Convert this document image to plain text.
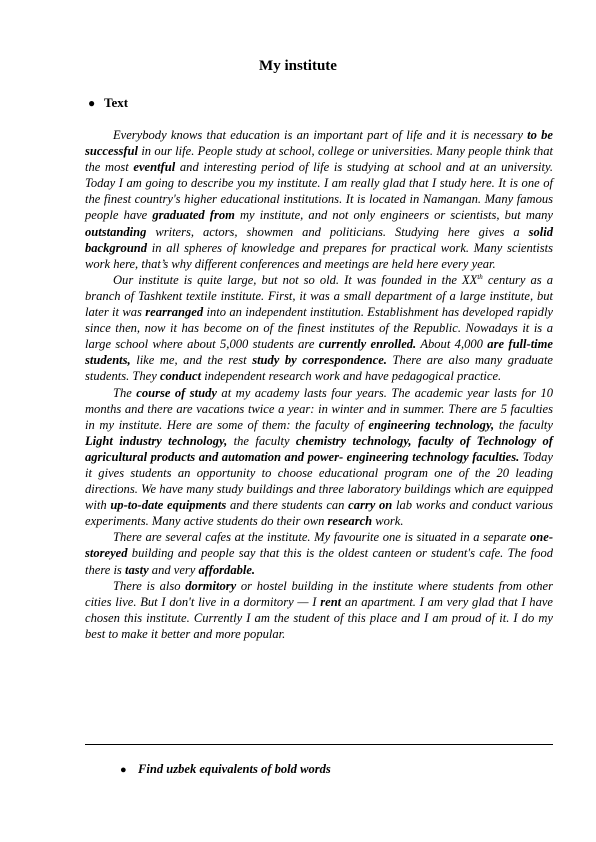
My institute
● Text

Everybody knows that education is an important part of life and it is necessary to be successful in our life. People study at school, college or universities. Many people think that the most eventful and interesting period of life is studying at school and at an university. Today I am going to describe you my institute. I am really glad that I study here. It is one of the finest country's higher educational institutions. It is located in Namangan. Many famous people have graduated from my institute, and not only engineers or scientists, but many outstanding writers, actors, showmen and politicians. Studying here gives a solid background in all spheres of knowledge and prepares for practical work. Many scientists work here, that’s why different conferences and meetings are held here every year.

Our institute is quite large, but not so old. It was founded in the XXth century as a branch of Tashkent textile institute. First, it was a small department of a large institute, but later it was rearranged into an independent institution. Establishment has developed rapidly since then, now it has become on of the finest institutes of the Republic. Nowadays it is a large school where about 5,000 students are currently enrolled. About 4,000 are full-time students, like me, and the rest study by correspondence. There are also many graduate students. They conduct independent research work and have pedagogical practice.

The course of study at my academy lasts four years. The academic year lasts for 10 months and there are vacations twice a year: in winter and in summer. There are 5 faculties in my institute. Here are some of them: the faculty of engineering technology, the faculty Light industry technology, the faculty chemistry technology, faculty of Technology of agricultural products and automation and power- engineering technology faculties. Today it gives students an opportunity to choose educational program one of the 20 leading directions. We have many study buildings and three laboratory buildings which are equipped with up-to-date equipments and there students can carry on lab works and conduct various experiments. Many active students do their own research work.

There are several cafes at the institute. My favourite one is situated in a separate one-storeyed building and people say that this is the oldest canteen or student's cafe. The food there is tasty and very affordable.

There is also dormitory or hostel building in the institute where students from other cities live. But I don't live in a dormitory — I rent an apartment. I am very glad that I have chosen this institute. Currently I am the student of this place and I am proud of it. I do my best to make it better and more popular.

● Find uzbek equivalents of bold words
